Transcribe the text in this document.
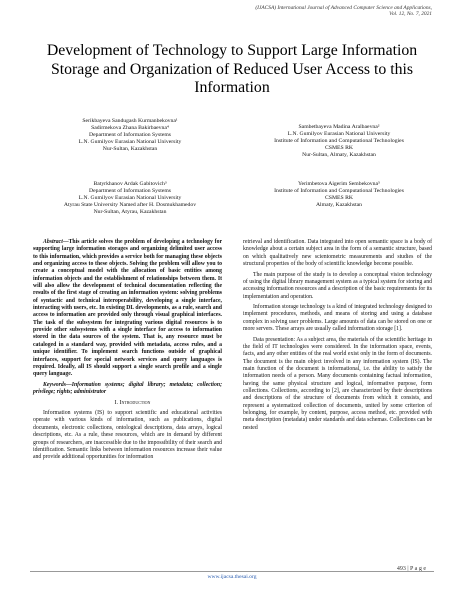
(IJACSA) International Journal of Advanced Computer Science and Applications,
Vol. 12, No. 7, 2021
Development of Technology to Support Large Information Storage and Organization of Reduced User Access to this Information
Serikbayeva Sandugash Kurmanbekovna¹
Sadirmekova Zhana Bakirbaevna⁴
Department of Information Systems
L.N. Gumilyov Eurasian National University
Nur-Sultan, Kazakhstan
Sambetbayeva Madina Aralbaevna²
L.N. Gumilyov Eurasian National University
Institute of Information and Computational Technologies
CSMES RK
Nur-Sultan, Almaty, Kazakhstan
Batyrkhanov Ardak Gabitovich³
Department of Information Systems
L.N. Gumilyov Eurasian National University
Atyrau State University Named after H. Dosmukhamedov
Nur-Sultan, Atyrau, Kazakhstan
Yerimbetova Aigerim Sembekovna⁵
Institute of Information and Computational Technologies
CSMES RK
Almaty, Kazakhstan

Abstract—This article solves the problem of developing a technology for supporting large information storages and organizing delimited user access to this information, which provides a service both for managing these objects and organizing access to these objects. Solving the problem will allow you to create a conceptual model with the allocation of basic entities among information objects and the establishment of relationships between them. It will also allow the development of technical documentation reflecting the results of the first stage of creating an information system: solving problems of syntactic and technical interoperability, developing a single interface, interacting with users, etc. In existing DL developments, as a rule, search and access to information are provided only through visual graphical interfaces. The task of the subsystem for integrating various digital resources is to provide other subsystems with a single interface for access to information stored in the data sources of the system. That is, any resource must be cataloged in a standard way, provided with metadata, access rules, and a unique identifier. To implement search functions outside of graphical interfaces, support for special network services and query languages is required. Ideally, all IS should support a single search profile and a single query language.

Keywords—Information systems; digital library; metadata; collection; privilege; rights; administrator

I. Introduction

Information systems (IS) to support scientific and educational activities operate with various kinds of information, such as publications, digital documents, electronic collections, ontological descriptions, data arrays, logical descriptions, etc. As a rule, these resources, which are in demand by different groups of researchers, are inaccessible due to the impossibility of their search and identification. Semantic links between information resources increase their value and provide additional opportunities for information

retrieval and identification. Data integrated into open semantic space is a body of knowledge about a certain subject area in the form of a semantic structure, based on which qualitatively new scientometric measurements and studies of the structural properties of the body of scientific knowledge become possible.

The main purpose of the study is to develop a conceptual vision technology of using the digital library management system as a typical system for storing and accessing information resources and a description of the basic requirements for its implementation and operation.

Information storage technology is a kind of integrated technology designed to implement procedures, methods, and means of storing and using a database complex in solving user problems. Large amounts of data can be stored on one or more servers. These arrays are usually called information storage [1].

Data presentation: As a subject area, the materials of the scientific heritage in the field of IT technologies were considered. In the information space, events, facts, and any other entities of the real world exist only in the form of documents. The document is the main object involved in any information system (IS). The main function of the document is informational, i.e. the ability to satisfy the information needs of a person. Many documents containing factual information, having the same physical structure and logical, informative purpose, form collections. Collections, according to [2], are characterized by their descriptions and descriptions of the structure of documents from which it consists, and represent a systematized collection of documents, united by some criterion of belonging, for example, by content, purpose, access method, etc. provided with meta description (metadata) under standards and data schemas. Collections can be nested

493 | P a g e
www.ijacsa.thesai.org
